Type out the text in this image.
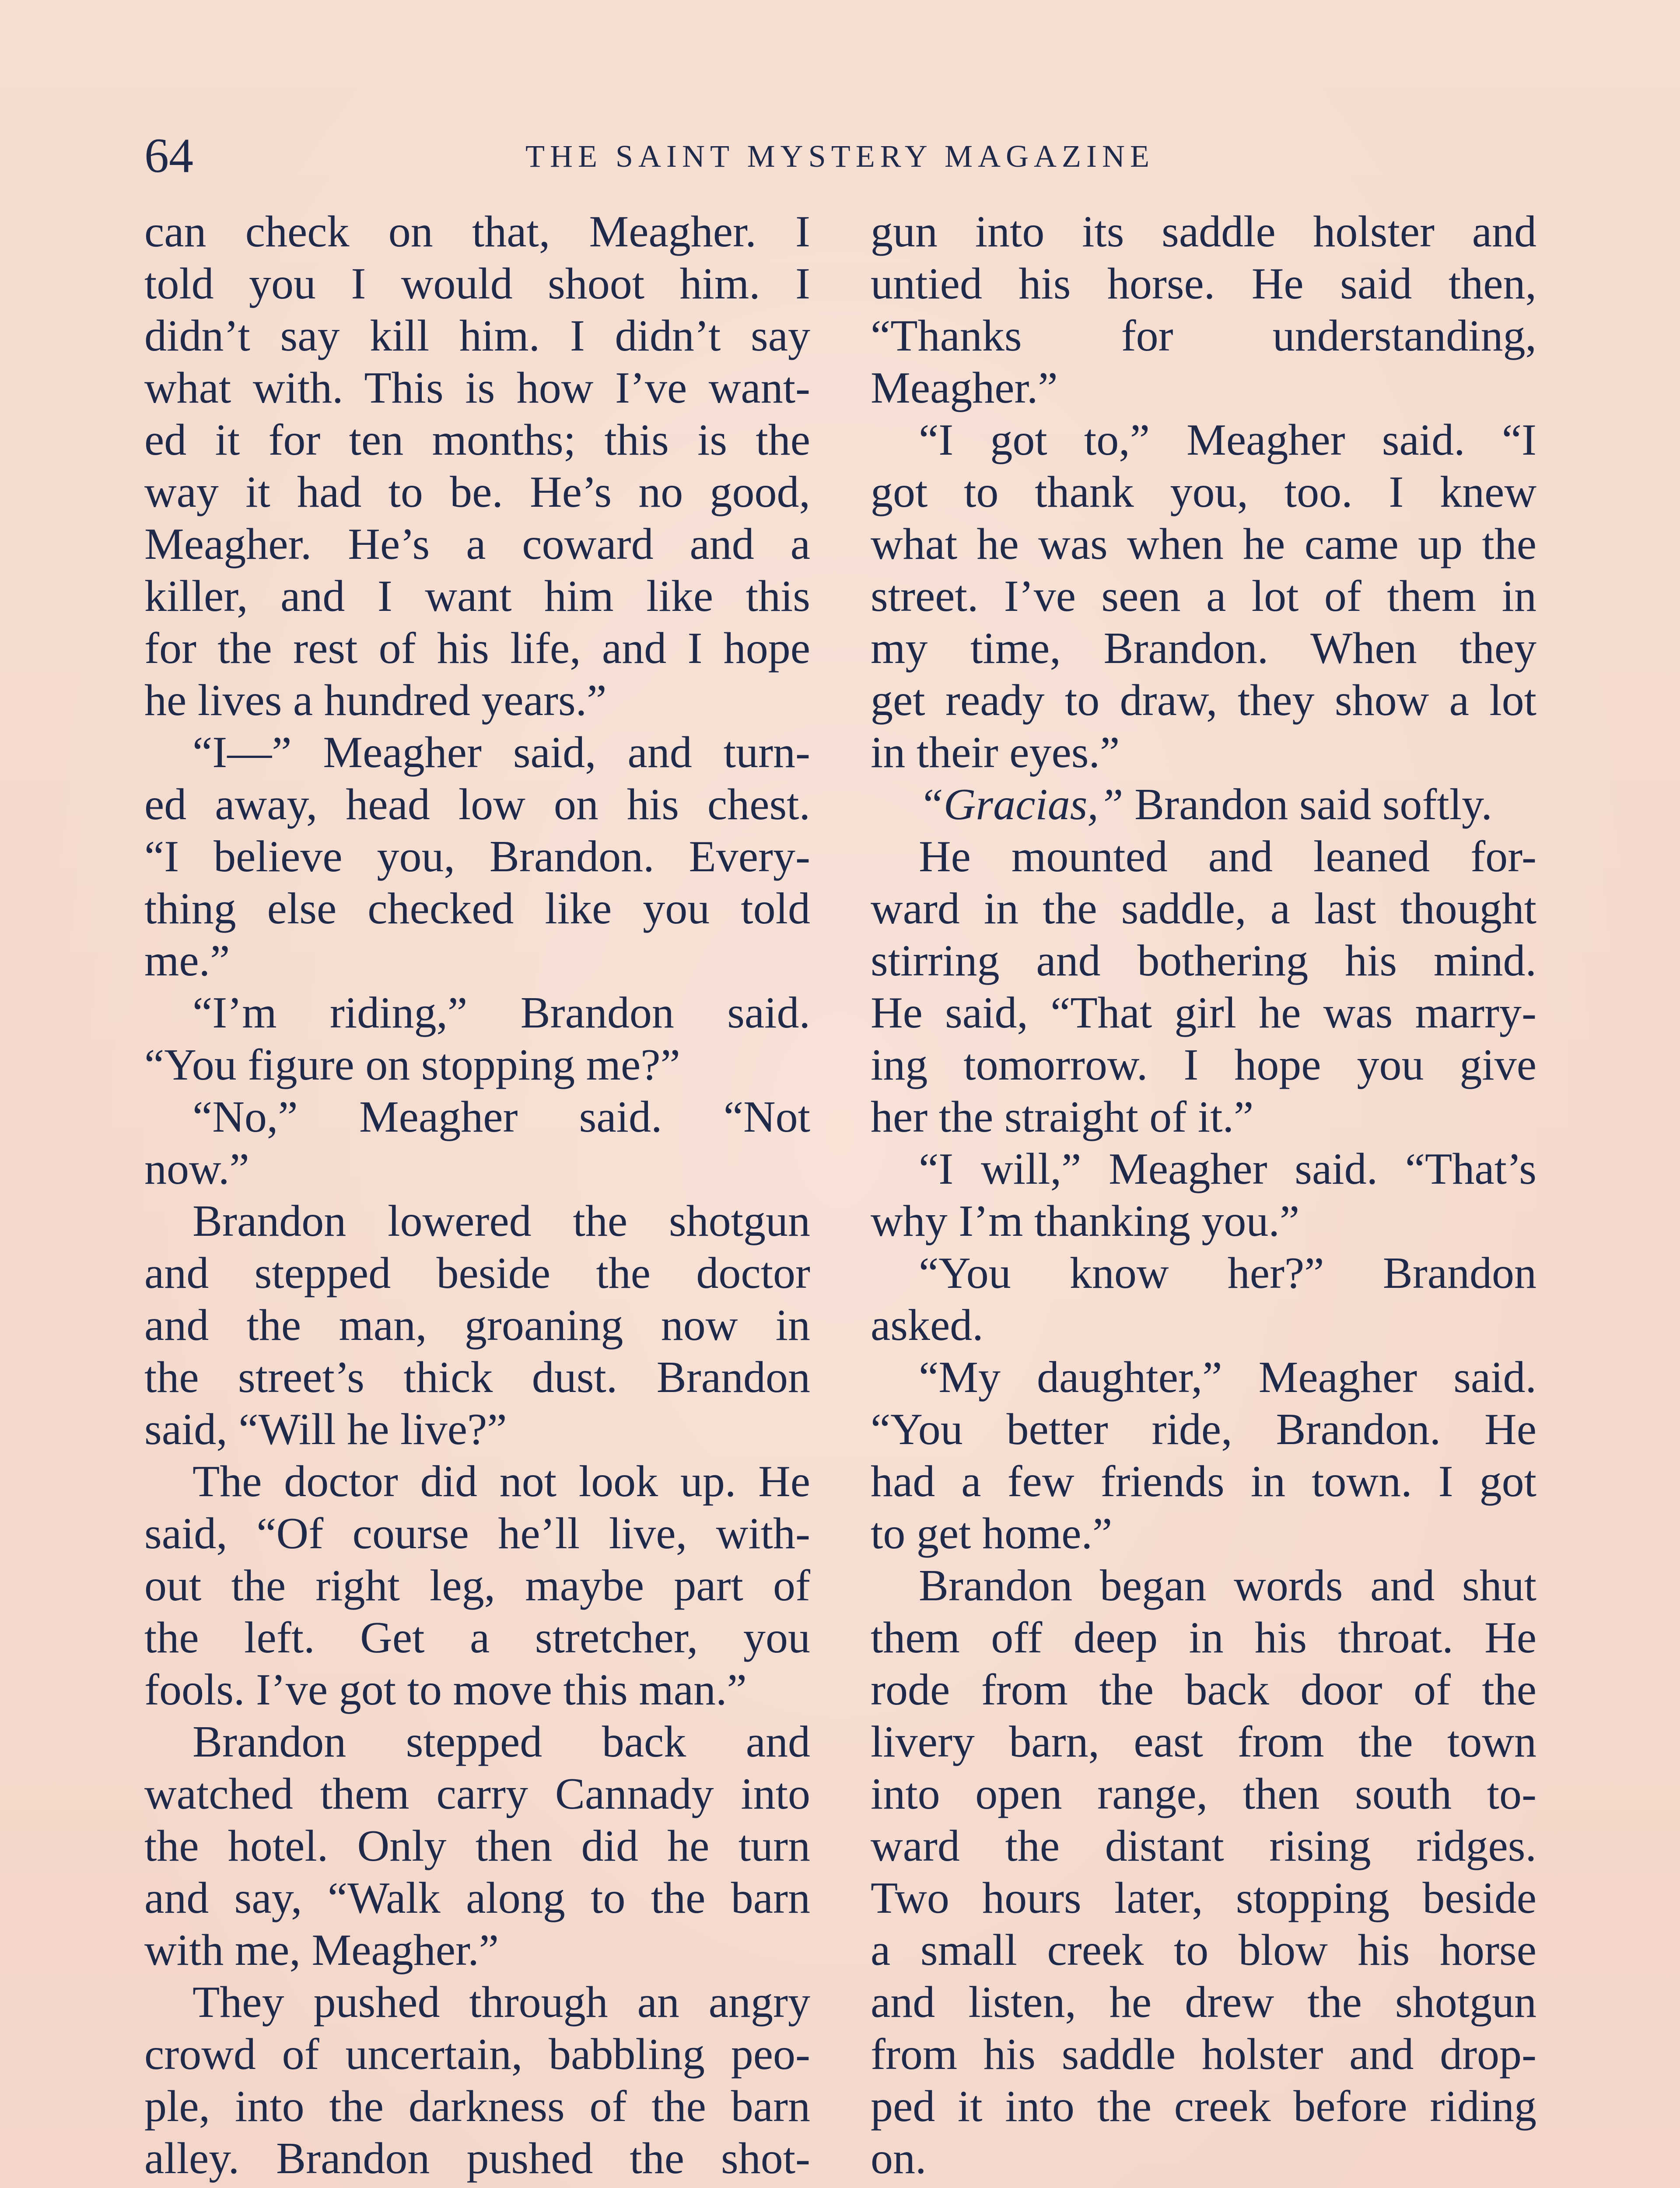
64	THE SAINT MYSTERY MAGAZINE
can check on that, Meagher. I
told you I would shoot him. I
didn’t say kill him. I didn’t say
what with. This is how I’ve want-
ed it for ten months; this is the
way it had to be. He’s no good,
Meagher. He’s a coward and a
killer, and I want him like this
for the rest of his life, and I hope
he lives a hundred years.”
“I—” Meagher said, and turn-
ed away, head low on his chest.
“I believe you, Brandon. Every-
thing else checked like you told
me.”
“I’m riding,” Brandon said.
“You figure on stopping me?”
“No,” Meagher said. “Not
now.”
Brandon lowered the shotgun
and stepped beside the doctor
and the man, groaning now in
the street’s thick dust. Brandon
said, “Will he live?”
The doctor did not look up. He
said, “Of course he’ll live, with-
out the right leg, maybe part of
the left. Get a stretcher, you
fools. I’ve got to move this man.”
Brandon stepped back and
watched them carry Cannady into
the hotel. Only then did he turn
and say, “Walk along to the barn
with me, Meagher.”
They pushed through an angry
crowd of uncertain, babbling peo-
ple, into the darkness of the barn
alley. Brandon pushed the shot-
gun into its saddle holster and
untied his horse. He said then,
“Thanks for understanding,
Meagher.”
“I got to,” Meagher said. “I
got to thank you, too. I knew
what he was when he came up the
street. I’ve seen a lot of them in
my time, Brandon. When they
get ready to draw, they show a lot
in their eyes.”
“Gracias,” Brandon said softly.
He mounted and leaned for-
ward in the saddle, a last thought
stirring and bothering his mind.
He said, “That girl he was marry-
ing tomorrow. I hope you give
her the straight of it.”
“I will,” Meagher said. “That’s
why I’m thanking you.”
“You know her?” Brandon
asked.
“My daughter,” Meagher said.
“You better ride, Brandon. He
had a few friends in town. I got
to get home.”
Brandon began words and shut
them off deep in his throat. He
rode from the back door of the
livery barn, east from the town
into open range, then south to-
ward the distant rising ridges.
Two hours later, stopping beside
a small creek to blow his horse
and listen, he drew the shotgun
from his saddle holster and drop-
ped it into the creek before riding
on.
